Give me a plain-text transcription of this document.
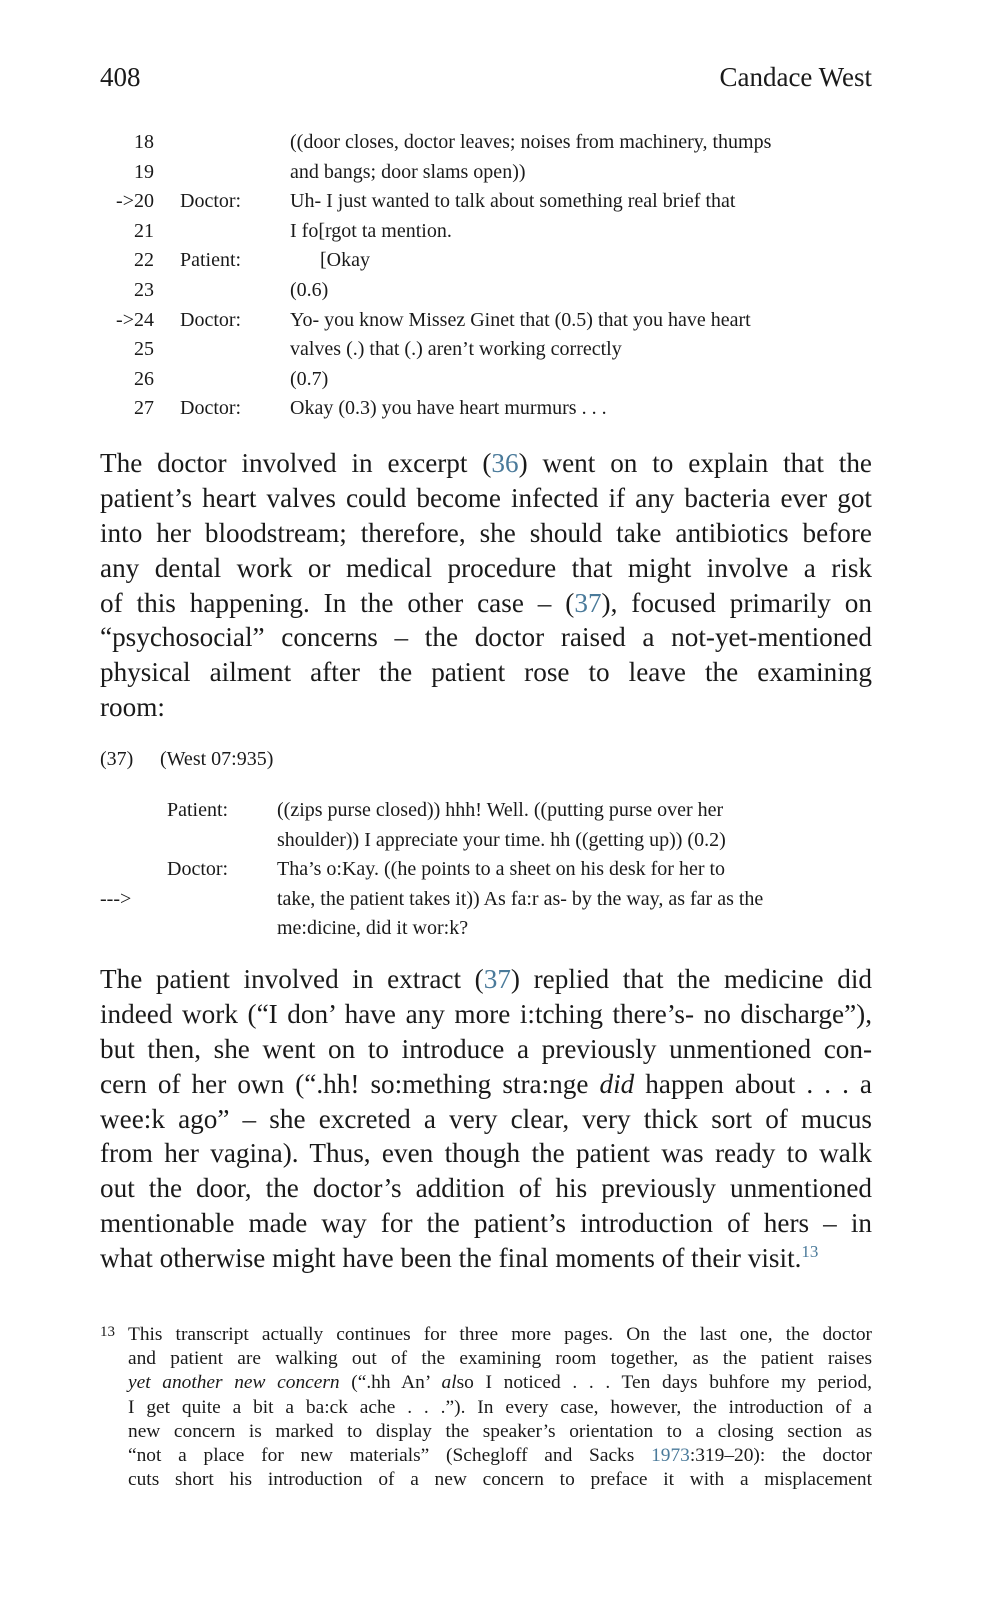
408	Candace West
18	((door closes, doctor leaves; noises from machinery, thumps
19	and bangs; door slams open))
->20 Doctor: Uh- I just wanted to talk about something real brief that
21	I fo[rgot ta mention.
22 Patient: [Okay
23	(0.6)
->24 Doctor: Yo- you know Missez Ginet that (0.5) that you have heart
25	valves (.) that (.) aren’t working correctly
26	(0.7)
27 Doctor: Okay (0.3) you have heart murmurs . . .
The doctor involved in excerpt (36) went on to explain that the
patient’s heart valves could become infected if any bacteria ever got
into her bloodstream; therefore, she should take antibiotics before
any dental work or medical procedure that might involve a risk
of this happening. In the other case – (37), focused primarily on
“psychosocial” concerns – the doctor raised a not-yet-mentioned
physical ailment after the patient rose to leave the examining
room:
(37) (West 07:935)
Patient: ((zips purse closed)) hhh! Well. ((putting purse over her
shoulder)) I appreciate your time. hh ((getting up)) (0.2)
Doctor: Tha’s o:Kay. ((he points to a sheet on his desk for her to
--->	take, the patient takes it)) As fa:r as- by the way, as far as the
me:dicine, did it wor:k?
The patient involved in extract (37) replied that the medicine did
indeed work (“I don’ have any more i:tching there’s- no discharge”),
but then, she went on to introduce a previously unmentioned con-
cern of her own (“.hh! so:mething stra:nge did happen about . . . a
wee:k ago” – she excreted a very clear, very thick sort of mucus
from her vagina). Thus, even though the patient was ready to walk
out the door, the doctor’s addition of his previously unmentioned
mentionable made way for the patient’s introduction of hers – in
what otherwise might have been the final moments of their visit.$^{13}$
13 This transcript actually continues for three more pages. On the last one, the doctor
and patient are walking out of the examining room together, as the patient raises
yet another new concern (“.hh An’ also I noticed . . . Ten days buhfore my period,
I get quite a bit a ba:ck ache . . .”). In every case, however, the introduction of a
new concern is marked to display the speaker’s orientation to a closing section as
“not a place for new materials” (Schegloff and Sacks 1973:319–20): the doctor
cuts short his introduction of a new concern to preface it with a misplacement
